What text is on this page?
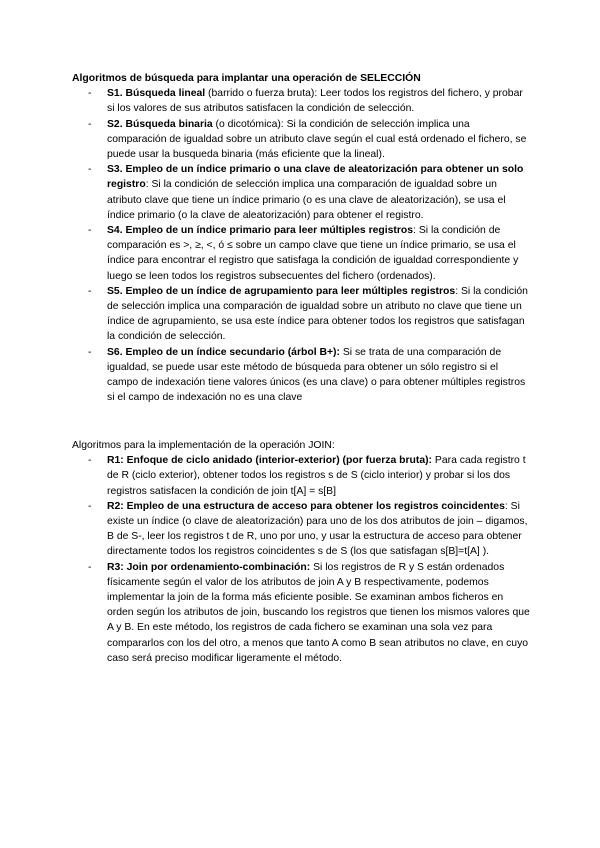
Algoritmos de búsqueda para implantar una operación de SELECCIÓN

- S1. Búsqueda lineal (barrido o fuerza bruta): Leer todos los registros del fichero, y probar si los valores de sus atributos satisfacen la condición de selección.
- S2. Búsqueda binaria (o dicotómica): Si la condición de selección implica una comparación de igualdad sobre un atributo clave según el cual está ordenado el fichero, se puede usar la busqueda binaria (más eficiente que la lineal).
- S3. Empleo de un índice primario o una clave de aleatorización para obtener un solo registro: Si la condición de selección implica una comparación de igualdad sobre un atributo clave que tiene un índice primario (o es una clave de aleatorización), se usa el índice primario (o la clave de aleatorización) para obtener el registro.
- S4. Empleo de un índice primario para leer múltiples registros: Si la condición de comparación es >, ≥, <, ó ≤ sobre un campo clave que tiene un índice primario, se usa el índice para encontrar el registro que satisfaga la condición de igualdad correspondiente y luego se leen todos los registros subsecuentes del fichero (ordenados).
- S5. Empleo de un índice de agrupamiento para leer múltiples registros: Si la condición de selección implica una comparación de igualdad sobre un atributo no clave que tiene un índice de agrupamiento, se usa este índice para obtener todos los registros que satisfagan la condición de selección.
- S6. Empleo de un índice secundario (árbol B+): Si se trata de una comparación de igualdad, se puede usar este método de búsqueda para obtener un sólo registro si el campo de indexación tiene valores únicos (es una clave) o para obtener múltiples registros si el campo de indexación no es una clave

Algoritmos para la implementación de la operación JOIN:

- R1: Enfoque de ciclo anidado (interior-exterior) (por fuerza bruta): Para cada registro t de R (ciclo exterior), obtener todos los registros s de S (ciclo interior) y probar si los dos registros satisfacen la condición de join t[A] = s[B]
- R2: Empleo de una estructura de acceso para obtener los registros coincidentes: Si existe un índice (o clave de aleatorización) para uno de los dos atributos de join – digamos, B de S-, leer los registros t de R, uno por uno, y usar la estructura de acceso para obtener directamente todos los registros coincidentes s de S (los que satisfagan s[B]=t[A] ).
- R3: Join por ordenamiento-combinación: Si los registros de R y S están ordenados físicamente según el valor de los atributos de join A y B respectivamente, podemos implementar la join de la forma más eficiente posible. Se examinan ambos ficheros en orden según los atributos de join, buscando los registros que tienen los mismos valores que A y B. En este método, los registros de cada fichero se examinan una sola vez para compararlos con los del otro, a menos que tanto A como B sean atributos no clave, en cuyo caso será preciso modificar ligeramente el método.
